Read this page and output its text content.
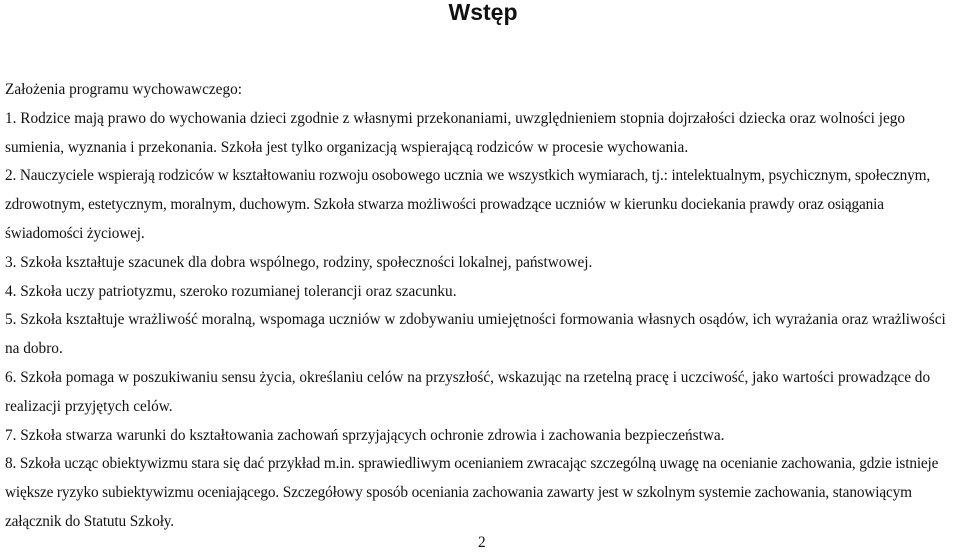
Wstęp

Założenia programu wychowawczego:

1. Rodzice mają prawo do wychowania dzieci zgodnie z własnymi przekonaniami, uwzględnieniem stopnia dojrzałości dziecka oraz wolności jego sumienia, wyznania i przekonania. Szkoła jest tylko organizacją wspierającą rodziców w procesie wychowania.

2. Nauczyciele wspierają rodziców w kształtowaniu rozwoju osobowego ucznia we wszystkich wymiarach, tj.: intelektualnym, psychicznym, społecznym, zdrowotnym, estetycznym, moralnym, duchowym. Szkoła stwarza możliwości prowadzące uczniów w kierunku dociekania prawdy oraz osiągania świadomości życiowej.

3. Szkoła kształtuje szacunek dla dobra wspólnego, rodziny, społeczności lokalnej, państwowej.

4. Szkoła uczy patriotyzmu, szeroko rozumianej tolerancji oraz szacunku.

5. Szkoła kształtuje wrażliwość moralną, wspomaga uczniów w zdobywaniu umiejętności formowania własnych osądów, ich wyrażania oraz wrażliwości na dobro.

6. Szkoła pomaga w poszukiwaniu sensu życia, określaniu celów na przyszłość, wskazując na rzetelną pracę i uczciwość, jako wartości prowadzące do realizacji przyjętych celów.

7. Szkoła stwarza warunki do kształtowania zachowań sprzyjających ochronie zdrowia i zachowania bezpieczeństwa.

8. Szkoła ucząc obiektywizmu stara się dać przykład m.in. sprawiedliwym ocenianiem zwracając szczególną uwagę na ocenianie zachowania, gdzie istnieje większe ryzyko subiektywizmu oceniającego. Szczegółowy sposób oceniania zachowania zawarty jest w szkolnym systemie zachowania, stanowiącym załącznik do Statutu Szkoły.

2
